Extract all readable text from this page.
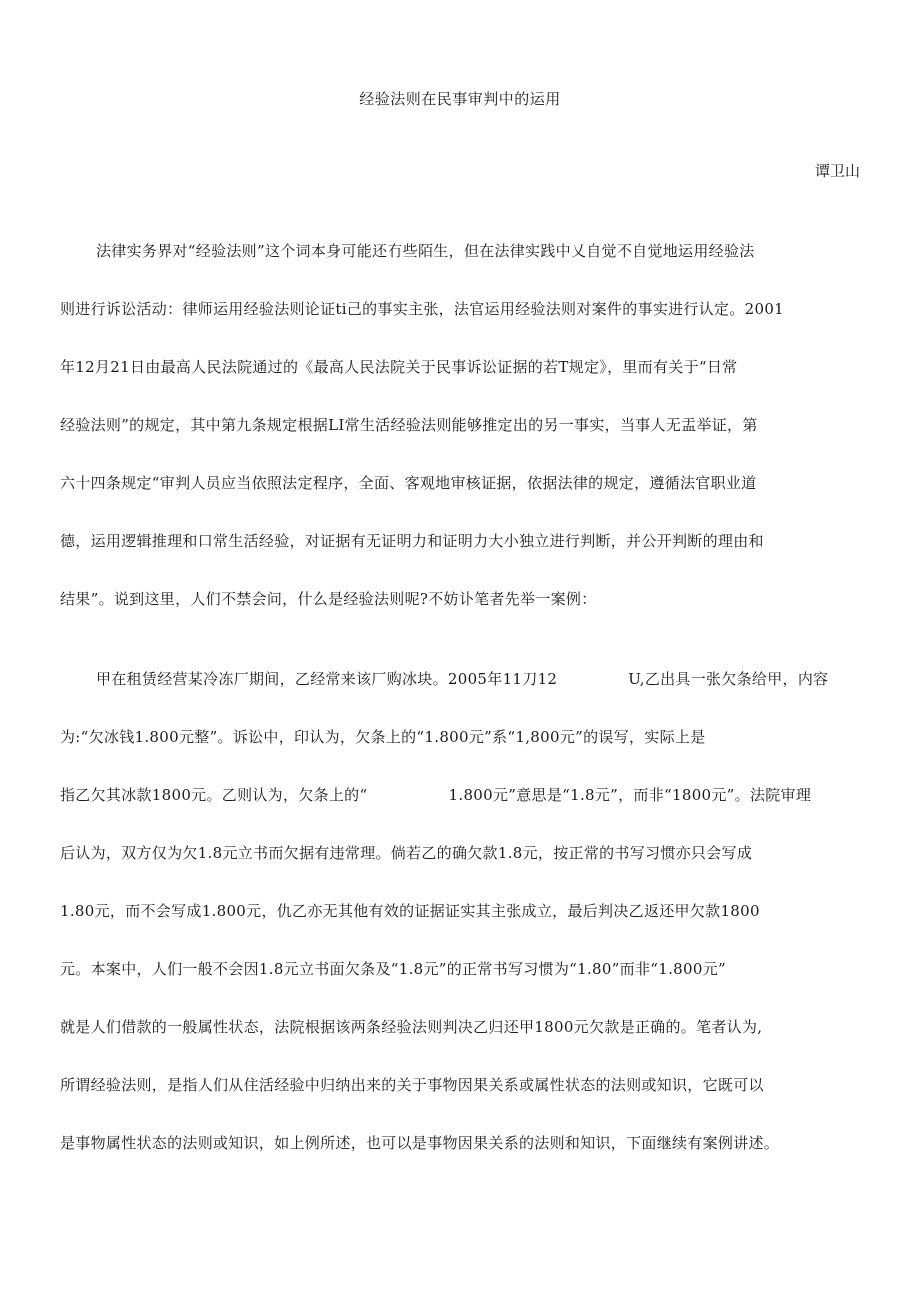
经验法则在民事审判中的运用
谭卫山
法律实务界对“经验法则”这个词本身可能还冇些陌生，但在法律实践中乂自觉不自觉地运用经验法
则进行诉讼活动：律师运用经验法则论证ti己的事实主张，法官运用经验法则对案件的事实进行认定。2001
年12月21日由最高人民法院通过的《最高人民法院关于民事诉讼证据的若T规定》，里而有关于“日常
经验法则”的规定，其中第九条规定根据LI常生活经验法则能够推定出的另一事实，当事人无盂举证，第
六十四条规定“审判人员应当依照法定程序，全面、客观地审核证据，依据法律的规定，遵循法官职业道
德，运用逻辑推理和口常生活经验，对证据有无证明力和证明力大小独立进行判断，并公开判断的理由和
结果”。说到这里，人们不禁会问，什么是经验法则呢?不妨讣笔者先举一案例：
甲在租赁经营某冷冻厂期间，乙经常来该厂购冰块。2005年11刀12              U,乙出具一张欠条给甲，内容
为:“欠冰钱1.800元整”。诉讼中，印认为，欠条上的“1.800元”系“1,800元”的误写，实际上是
指乙欠其冰款1800元。乙则认为，欠条上的“                1.800元”意思是“1.8元”，而非“1800元”。法院审理
后认为，双方仅为欠1.8元立书而欠据有违常理。倘若乙的确欠款1.8元，按正常的书写习惯亦只会写成
1.80元，而不会写成1.800元，仇乙亦无其他有效的证据证实其主张成立，最后判决乙返还甲欠款1800
元。本案中，人们一般不会因1.8元立书面欠条及“1.8元”的正常书写习惯为“1.80”而非“1.800元”
就是人们借款的一般属性状态，法院根据该两条经验法则判决乙归还甲1800元欠款是正确的。笔者认为,
所谓经验法则，是指人们从住活经验中归纳出来的关于事物因果关系或属性状态的法则或知识，它既可以
是事物属性状态的法则或知识，如上例所述，也可以是事物因果关系的法则和知识，下面继续有案例讲述。
